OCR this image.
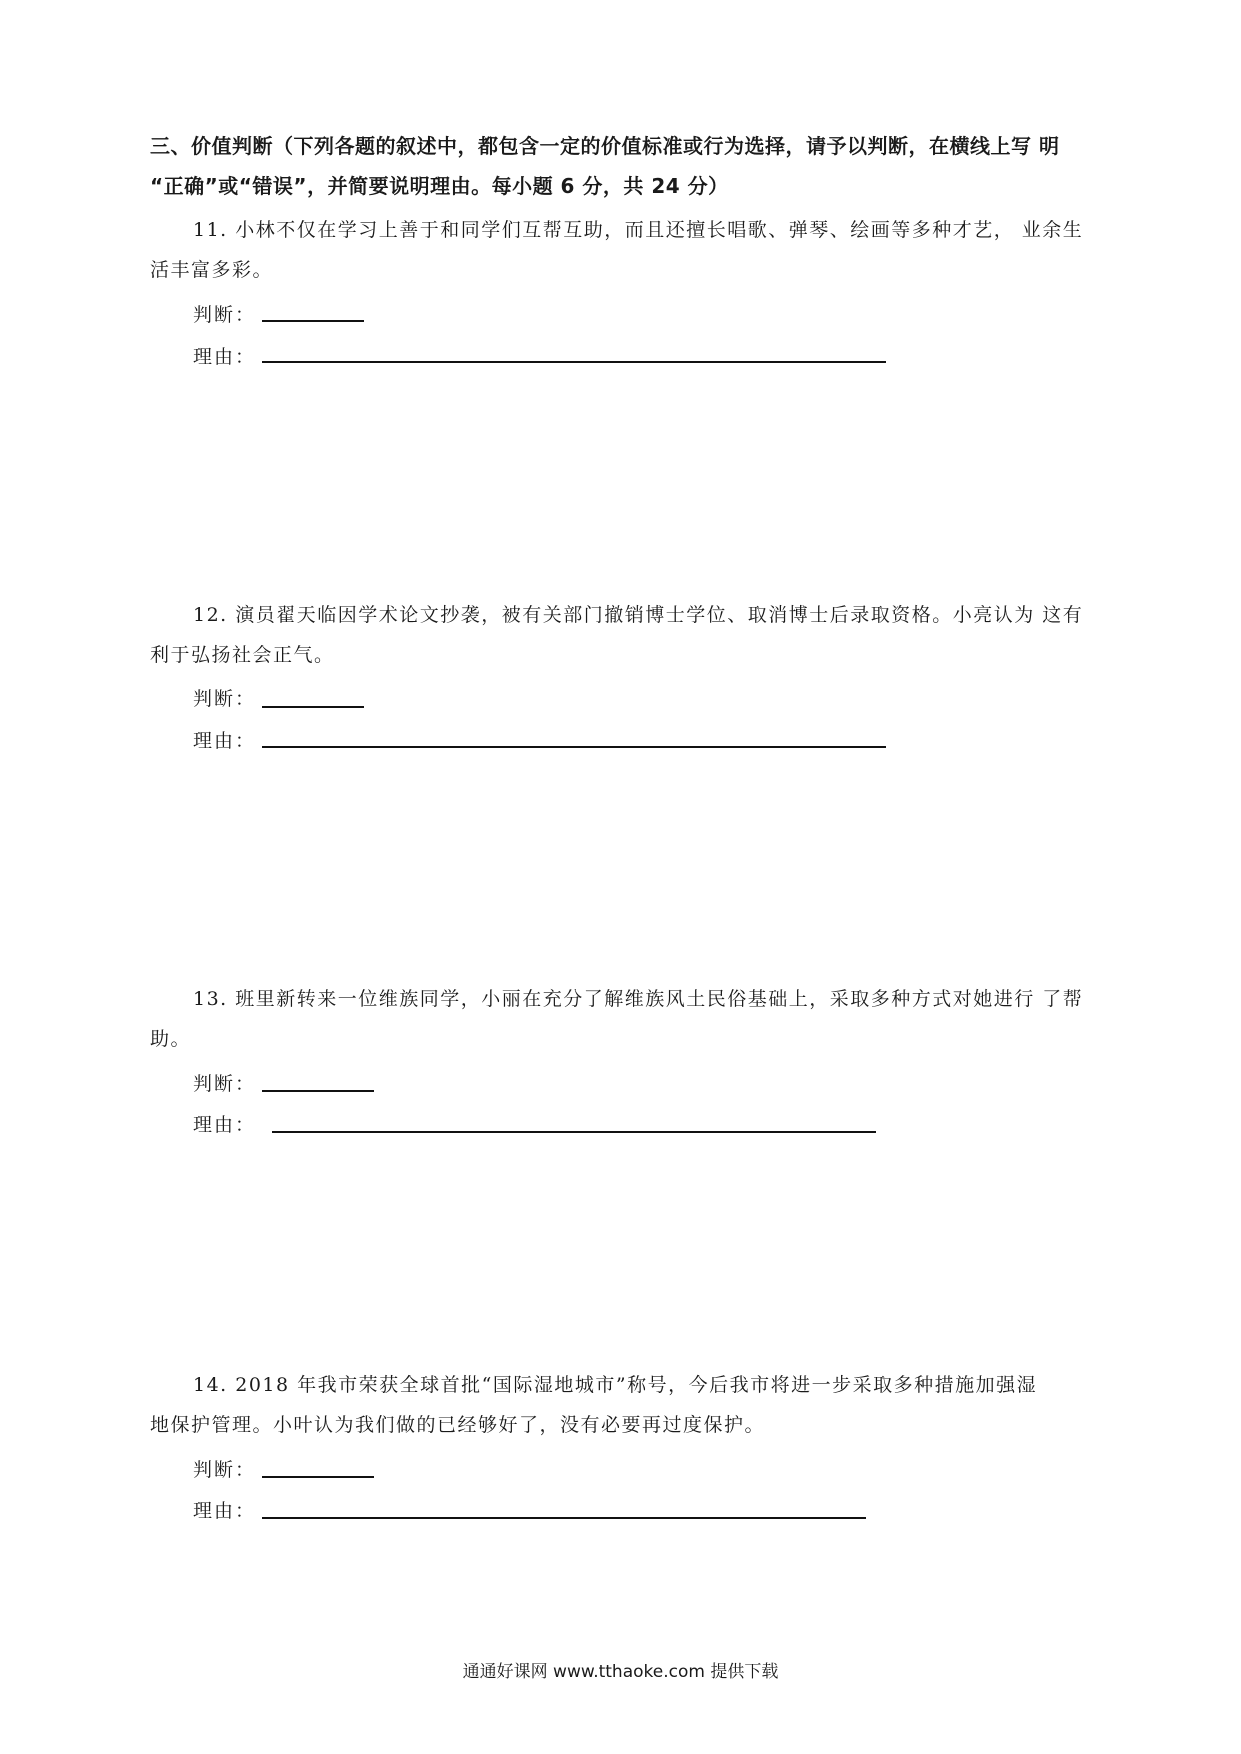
三、价值判断（下列各题的叙述中，都包含一定的价值标准或行为选择，请予以判断，在横线上写 明
“正确”或“错误”，并简要说明理由。每小题 6 分，共 24 分）
11. 小林不仅在学习上善于和同学们互帮互助，而且还擅长唱歌、弹琴、绘画等多种才艺， 业余生
活丰富多彩。
判断：
理由：
12. 演员翟天临因学术论文抄袭，被有关部门撤销博士学位、取消博士后录取资格。小亮认为 这有
利于弘扬社会正气。
判断：
理由：
13. 班里新转来一位维族同学，小丽在充分了解维族风土民俗基础上，采取多种方式对她进行 了帮
助。
判断：
理由：
14. 2018 年我市荣获全球首批“国际湿地城市”称号，今后我市将进一步采取多种措施加强湿
地保护管理。小叶认为我们做的已经够好了，没有必要再过度保护。
判断：
理由：
通通好课网 www.tthaoke.com 提供下载
